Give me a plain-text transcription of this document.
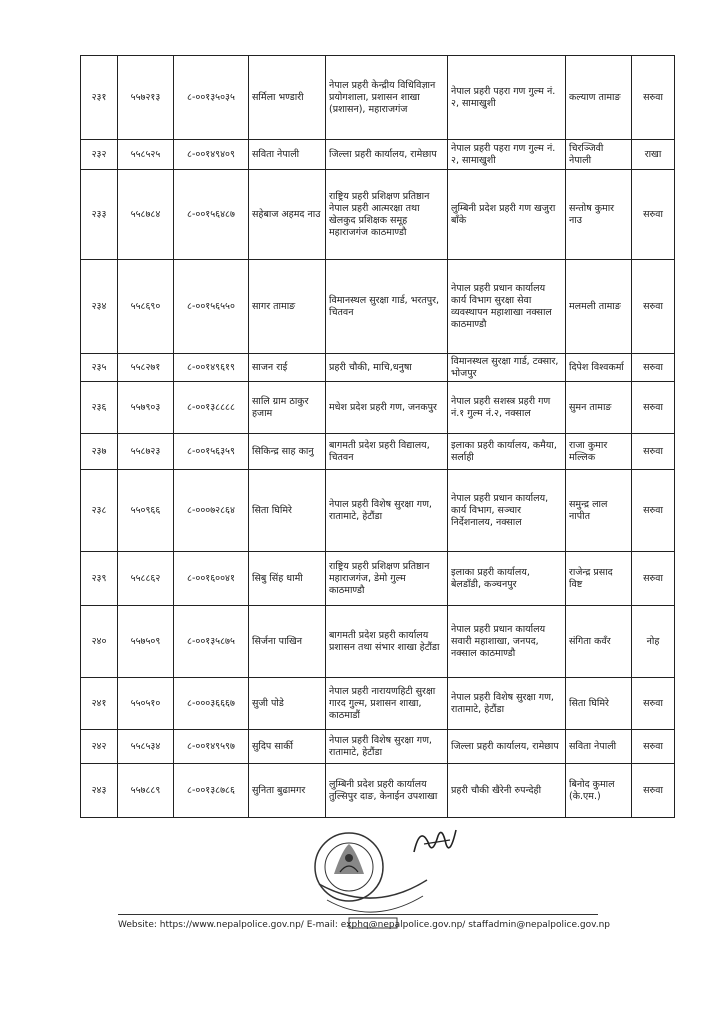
२३१	५५७२१३	८-००१३५०३५	सर्मिला भण्डारी	नेपाल प्रहरी केन्द्रीय विधिविज्ञान प्रयोगशाला, प्रशासन शाखा (प्रशासन), महाराजगंज	नेपाल प्रहरी पहरा गण गुल्म नं. २, सामाखुशी	कल्याण तामाङ	सरुवा
२३२	५५८५२५	८-००१४९४०९	सविता नेपाली	जिल्ला प्रहरी कार्यालय, रामेछाप	नेपाल प्रहरी पहरा गण गुल्म नं. २, सामाखुशी	चिरञ्जिवी नेपाली	राखा
२३३	५५८७८४	८-००१५६४८७	सहेबाज अहमद नाउ	राष्ट्रिय प्रहरी प्रशिक्षण प्रतिष्ठान नेपाल प्रहरी आत्मरक्षा तथा खेलकुद प्रशिक्षक समूह महाराजगंज काठमाण्डौ	लुम्बिनी प्रदेश प्रहरी गण खजुरा बाँके	सन्तोष कुमार नाउ	सरुवा
२३४	५५८६९०	८-००१५६५५०	सागर तामाङ	विमानस्थल सुरक्षा गार्ड, भरतपुर, चितवन	नेपाल प्रहरी प्रधान कार्यालय कार्य विभाग सुरक्षा सेवा व्यवस्थापन महाशाखा नक्साल काठमाण्डौ	मलमली तामाङ	सरुवा
२३५	५५८२७१	८-००१४९६१९	साजन राई	प्रहरी चौकी, माचि,धनुषा	विमानस्थल सुरक्षा गार्ड, टक्सार, भोजपुर	दिपेश विश्वकर्मा	सरुवा
२३६	५५७९०३	८-००१३८८८८	सालि ग्राम ठाकुर हजाम	मधेश प्रदेश प्रहरी गण, जनकपुर	नेपाल प्रहरी सशस्त्र प्रहरी गण नं.१ गुल्म नं.२, नक्साल	सुमन तामाङ	सरुवा
२३७	५५८७२३	८-००१५६३५९	सिकिन्द्र साह कानु	बागमती प्रदेश प्रहरी विद्यालय, चितवन	इलाका प्रहरी कार्यालय, कमैया, सर्लाही	राजा कुमार मल्लिक	सरुवा
२३८	५५०९६६	८-०००७२८६४	सिता घिमिरे	नेपाल प्रहरी विशेष सुरक्षा गण, रातामाटे, हेटौंडा	नेपाल प्रहरी प्रधान कार्यालय, कार्य विभाग, सञ्चार निर्देशनालय, नक्साल	समुन्द्र लाल नापीत	सरुवा
२३९	५५८८६२	८-००१६००४१	सिबु सिंह धामी	राष्ट्रिय प्रहरी प्रशिक्षण प्रतिष्ठान महाराजगंज, डेमो गुल्म काठमाण्डौ	इलाका प्रहरी कार्यालय, बेलडाँडी, कञ्चनपुर	राजेन्द्र प्रसाद विष्ट	सरुवा
२४०	५५७५०९	८-००१३५८७५	सिर्जना पाखिन	बागमती प्रदेश प्रहरी कार्यालय प्रशासन तथा संभार शाखा हेटौंडा	नेपाल प्रहरी प्रधान कार्यालय सवारी महाशाखा, जनपद, नक्साल काठमाण्डौ	संगिता कवँर	नोह
२४१	५५०५१०	८-०००३६६६७	सुजी पोडे	नेपाल प्रहरी नारायणहिटी सुरक्षा गारद गुल्म, प्रशासन शाखा, काठमाडौं	नेपाल प्रहरी विशेष सुरक्षा गण, रातामाटे, हेटौंडा	सिता घिमिरे	सरुवा
२४२	५५८५३४	८-००१४९५९७	सुदिप सार्की	नेपाल प्रहरी विशेष सुरक्षा गण, रातामाटे, हेटौंडा	जिल्ला प्रहरी कार्यालय, रामेछाप	सविता नेपाली	सरुवा
२४३	५५७८८९	८-००१३८७८६	सुनिता बुढामगर	लुम्बिनी प्रदेश प्रहरी कार्यालय तुल्सिपुर दाङ, केनाईन उपशाखा	प्रहरी चौकी खैरेनी रुपन्देही	बिनोद कुमाल (के.एम.)	सरुवा
Website: https://www.nepalpolice.gov.np/ E-mail: exphq@nepalpolice.gov.np/ staffadmin@nepalpolice.gov.np
